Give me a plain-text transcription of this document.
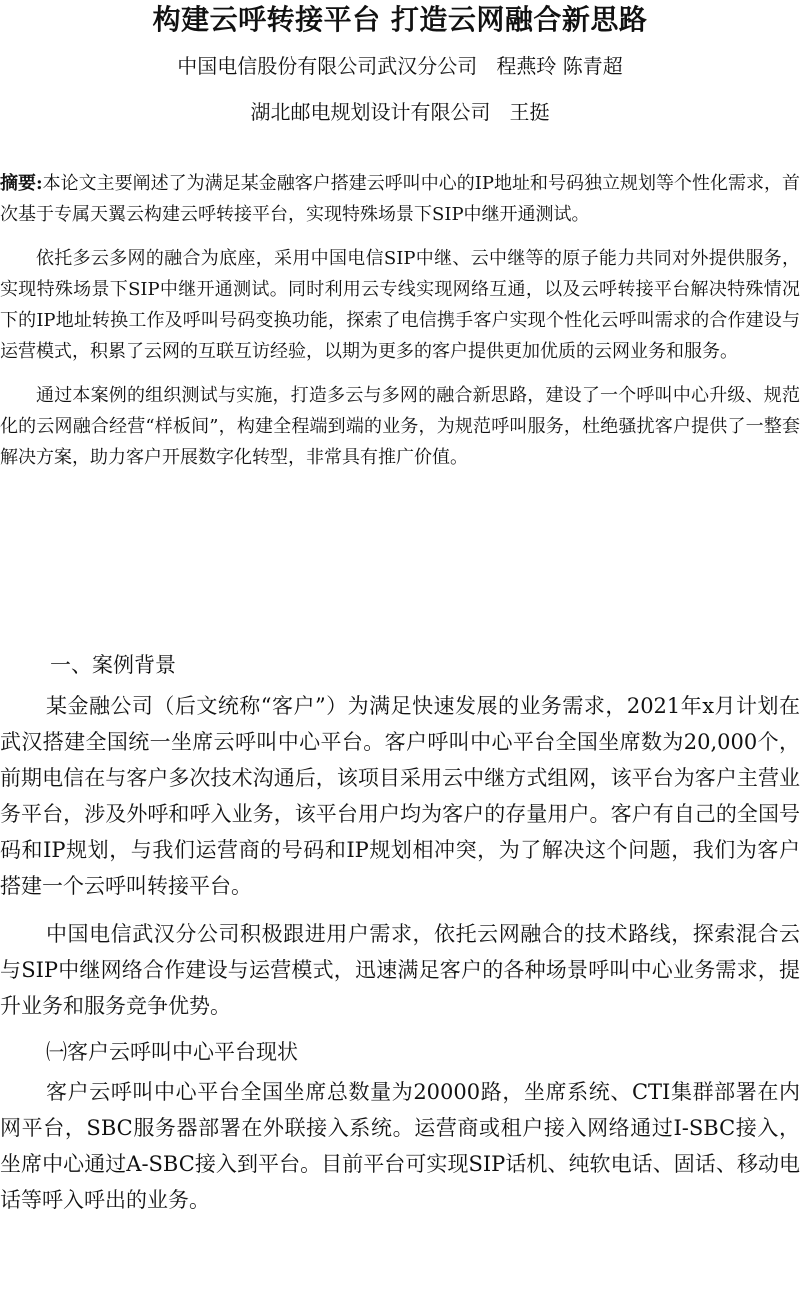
构建云呼转接平台 打造云网融合新思路
中国电信股份有限公司武汉分公司   程燕玲 陈青超
湖北邮电规划设计有限公司   王挺

摘要:本论文主要阐述了为满足某金融客户搭建云呼叫中心的IP地址和号码独立规划等个性化需求，首次基于专属天翼云构建云呼转接平台，实现特殊场景下SIP中继开通测试。

依托多云多网的融合为底座，采用中国电信SIP中继、云中继等的原子能力共同对外提供服务，实现特殊场景下SIP中继开通测试。同时利用云专线实现网络互通，以及云呼转接平台解决特殊情况下的IP地址转换工作及呼叫号码变换功能，探索了电信携手客户实现个性化云呼叫需求的合作建设与运营模式，积累了云网的互联互访经验，以期为更多的客户提供更加优质的云网业务和服务。

通过本案例的组织测试与实施，打造多云与多网的融合新思路，建设了一个呼叫中心升级、规范化的云网融合经营“样板间”，构建全程端到端的业务，为规范呼叫服务，杜绝骚扰客户提供了一整套解决方案，助力客户开展数字化转型，非常具有推广价值。

一、案例背景

某金融公司（后文统称“客户”）为满足快速发展的业务需求，2021年x月计划在武汉搭建全国统一坐席云呼叫中心平台。客户呼叫中心平台全国坐席数为20,000个，前期电信在与客户多次技术沟通后，该项目采用云中继方式组网，该平台为客户主营业务平台，涉及外呼和呼入业务，该平台用户均为客户的存量用户。客户有自己的全国号码和IP规划，与我们运营商的号码和IP规划相冲突，为了解决这个问题，我们为客户搭建一个云呼叫转接平台。

中国电信武汉分公司积极跟进用户需求，依托云网融合的技术路线，探索混合云与SIP中继网络合作建设与运营模式，迅速满足客户的各种场景呼叫中心业务需求，提升业务和服务竞争优势。

㈠客户云呼叫中心平台现状

客户云呼叫中心平台全国坐席总数量为20000路，坐席系统、CTI集群部署在内网平台，SBC服务器部署在外联接入系统。运营商或租户接入网络通过I-SBC接入，坐席中心通过A-SBC接入到平台。目前平台可实现SIP话机、纯软电话、固话、移动电话等呼入呼出的业务。
